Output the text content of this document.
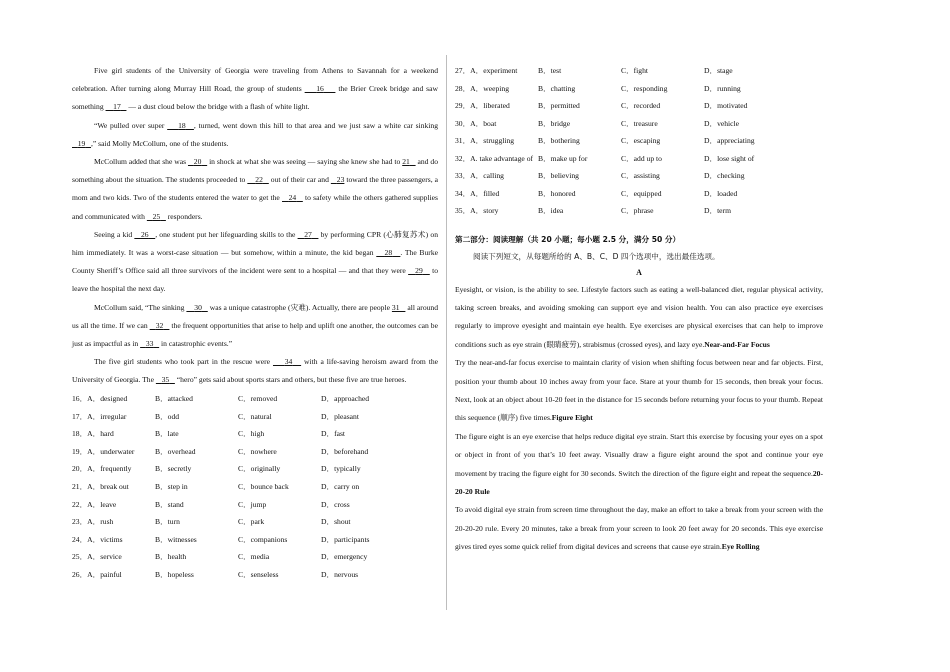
Five girl students of the University of Georgia were traveling from Athens to Savannah for a weekend celebration. After turning along Murray Hill Road, the group of students     16     the Brier Creek bridge and saw something     17    — a dust cloud below the bridge with a flash of white light.

“We pulled over super     18 , turned, went down this hill to that area and we just saw a white car sinking    19 ,” said Molly McCollum, one of the students.

McCollum added that she was    20    in shock at what she was seeing — saying she knew she had to 21    and do something about the situation. The students proceeded to     22    out of their car and    23 toward the three passengers, a mom and two kids. Two of the students entered the water to get the    24    to safety while the others gathered supplies and communicated with    25    responders.

Seeing a kid    26 , one student put her lifeguarding skills to the    27    by performing CPR (心肺复苏术) on him immediately. It was a worst-case situation — but somehow, within a minute, the kid began    28 . The Burke County Sheriff’s Office said all three survivors of the incident were sent to a hospital — and that they were    29    to leave the hospital the next day.

McCollum said, “The sinking     30    was a unique catastrophe (灾难). Actually, there are people 31    all around us all the time. If we can    32    the frequent opportunities that arise to help and uplift one another, the outcomes can be just as impactful as in    33    in catastrophic events.”

The five girl students who took part in the rescue were     34    with a life-saving heroism award from the University of Georgia. The    35    “hero” gets said about sports stars and others, but these five are true heroes.

16．A．designed	B．attacked	C．removed	D．approached
17．A．irregular	B．odd	C．natural	D．pleasant
18．A．hard	B．late	C．high	D．fast
19．A．underwater	B．overhead	C．nowhere	D．beforehand
20．A．frequently	B．secretly	C．originally	D．typically
21．A．break out	B．step in	C．bounce back	D．carry on
22．A．leave	B．stand	C．jump	D．cross
23．A．rush	B．turn	C．park	D．shout
24．A．victims	B．witnesses	C．companions	D．participants
25．A．service	B．health	C．media	D．emergency
26．A．painful	B．hopeless	C．senseless	D．nervous
27．A．experiment	B．test	C．fight	D．stage
28．A．weeping	B．chatting	C．responding	D．running
29．A．liberated	B．permitted	C．recorded	D．motivated
30．A．boat	B．bridge	C．treasure	D．vehicle
31．A．struggling	B．bothering	C．escaping	D．appreciating
32．A. take advantage of B．make up for	C．add up to	D．lose sight of
33．A．calling	B．believing	C．assisting	D．checking
34．A．filled	B．honored	C．equipped	D．loaded
35．A．story	B．idea	C．phrase	D．term
第二部分：阅读理解（共 20 小题；每小题 2.5 分，满分 50 分）
阅读下列短文，从每题所给的 A、B、C、D 四个选项中，选出最佳选项。
A

Eyesight, or vision, is the ability to see. Lifestyle factors such as eating a well-balanced diet, regular physical activity, taking screen breaks, and avoiding smoking can support eye and vision health. You can also practice eye exercises regularly to improve eyesight and maintain eye health. Eye exercises are physical exercises that can help to improve conditions such as eye strain (眼睛疲劳), strabismus (crossed eyes), and lazy eye.Near-and-Far Focus

Try the near-and-far focus exercise to maintain clarity of vision when shifting focus between near and far objects. First, position your thumb about 10 inches away from your face. Stare at your thumb for 15 seconds, then break your focus. Next, look at an object about 10-20 feet in the distance for 15 seconds before returning your focus to your thumb. Repeat this sequence (顺序) five times.Figure Eight

The figure eight is an eye exercise that helps reduce digital eye strain. Start this exercise by focusing your eyes on a spot or object in front of you that’s 10 feet away. Visually draw a figure eight around the spot and continue your eye movement by tracing the figure eight for 30 seconds. Switch the direction of the figure eight and repeat the sequence.20-20-20 Rule

To avoid digital eye strain from screen time throughout the day, make an effort to take a break from your screen with the 20-20-20 rule. Every 20 minutes, take a break from your screen to look 20 feet away for 20 seconds. This eye exercise gives tired eyes some quick relief from digital devices and screens that cause eye strain.Eye Rolling
